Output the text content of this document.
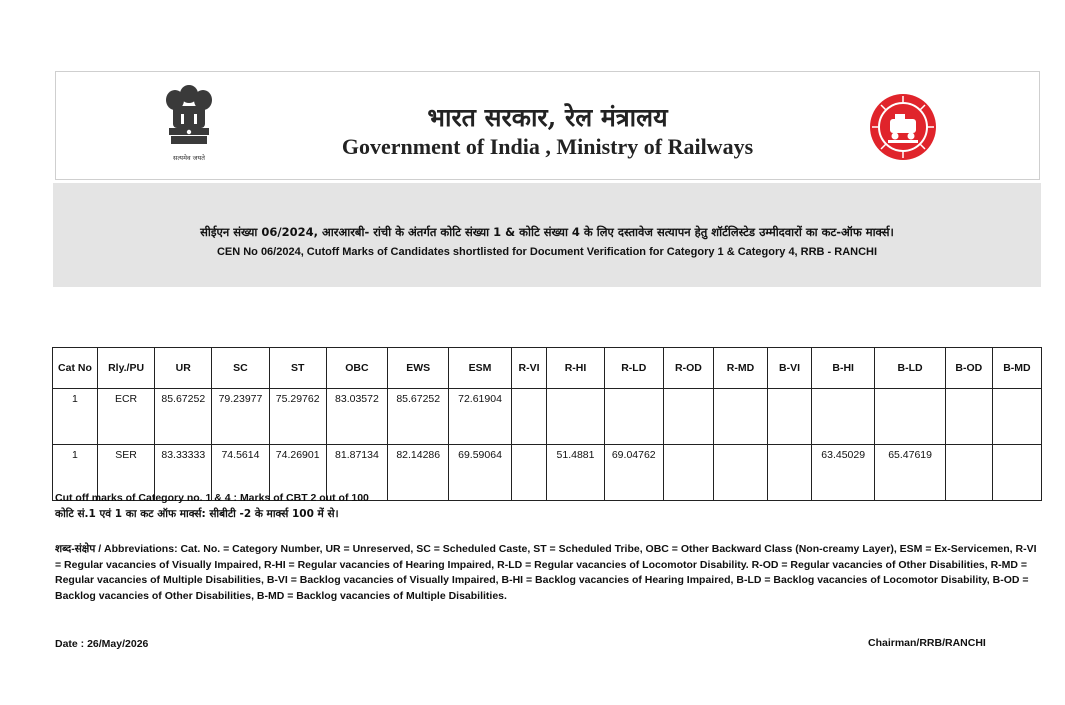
सत्यमेव जयते
भारत सरकार, रेल मंत्रालय
Government of India , Ministry of Railways
सीईएन संख्या 06/2024, आरआरबी- रांची के अंतर्गत कोटि संख्या 1 & कोटि संख्या 4 के लिए दस्तावेज सत्यापन हेतु शॉर्टलिस्टेड उम्मीदवारों का कट-ऑफ मार्क्स।
CEN No 06/2024, Cutoff Marks of Candidates shortlisted for Document Verification for Category 1 & Category 4, RRB - RANCHI
Cat No	Rly./PU	UR	SC	ST	OBC	EWS	ESM	R-VI	R-HI	R-LD	R-OD	R-MD	B-VI	B-HI	B-LD	B-OD	B-MD
1	ECR	85.67252	79.23977	75.29762	83.03572	85.67252	72.61904										
1	SER	83.33333	74.5614	74.26901	81.87134	82.14286	69.59064		51.4881	69.04762				63.45029	65.47619		
Cut off marks of Category no. 1 & 4 : Marks of CBT 2 out of 100
कोटि सं.1 एवं 1 का कट ऑफ मार्क्स: सीबीटी -2 के मार्क्स 100 में से।
शब्द-संक्षेप / Abbreviations: Cat. No. = Category Number, UR = Unreserved, SC = Scheduled Caste, ST = Scheduled Tribe, OBC = Other Backward Class (Non-creamy Layer), ESM = Ex-Servicemen, R-VI = Regular vacancies of Visually Impaired, R-HI = Regular vacancies of Hearing Impaired, R-LD = Regular vacancies of Locomotor Disability. R-OD = Regular vacancies of Other Disabilities, R-MD = Regular vacancies of Multiple Disabilities, B-VI = Backlog vacancies of Visually Impaired, B-HI = Backlog vacancies of Hearing Impaired, B-LD = Backlog vacancies of Locomotor Disability, B-OD = Backlog vacancies of Other Disabilities, B-MD = Backlog vacancies of Multiple Disabilities.
Date : 26/May/2026	Chairman/RRB/RANCHI
